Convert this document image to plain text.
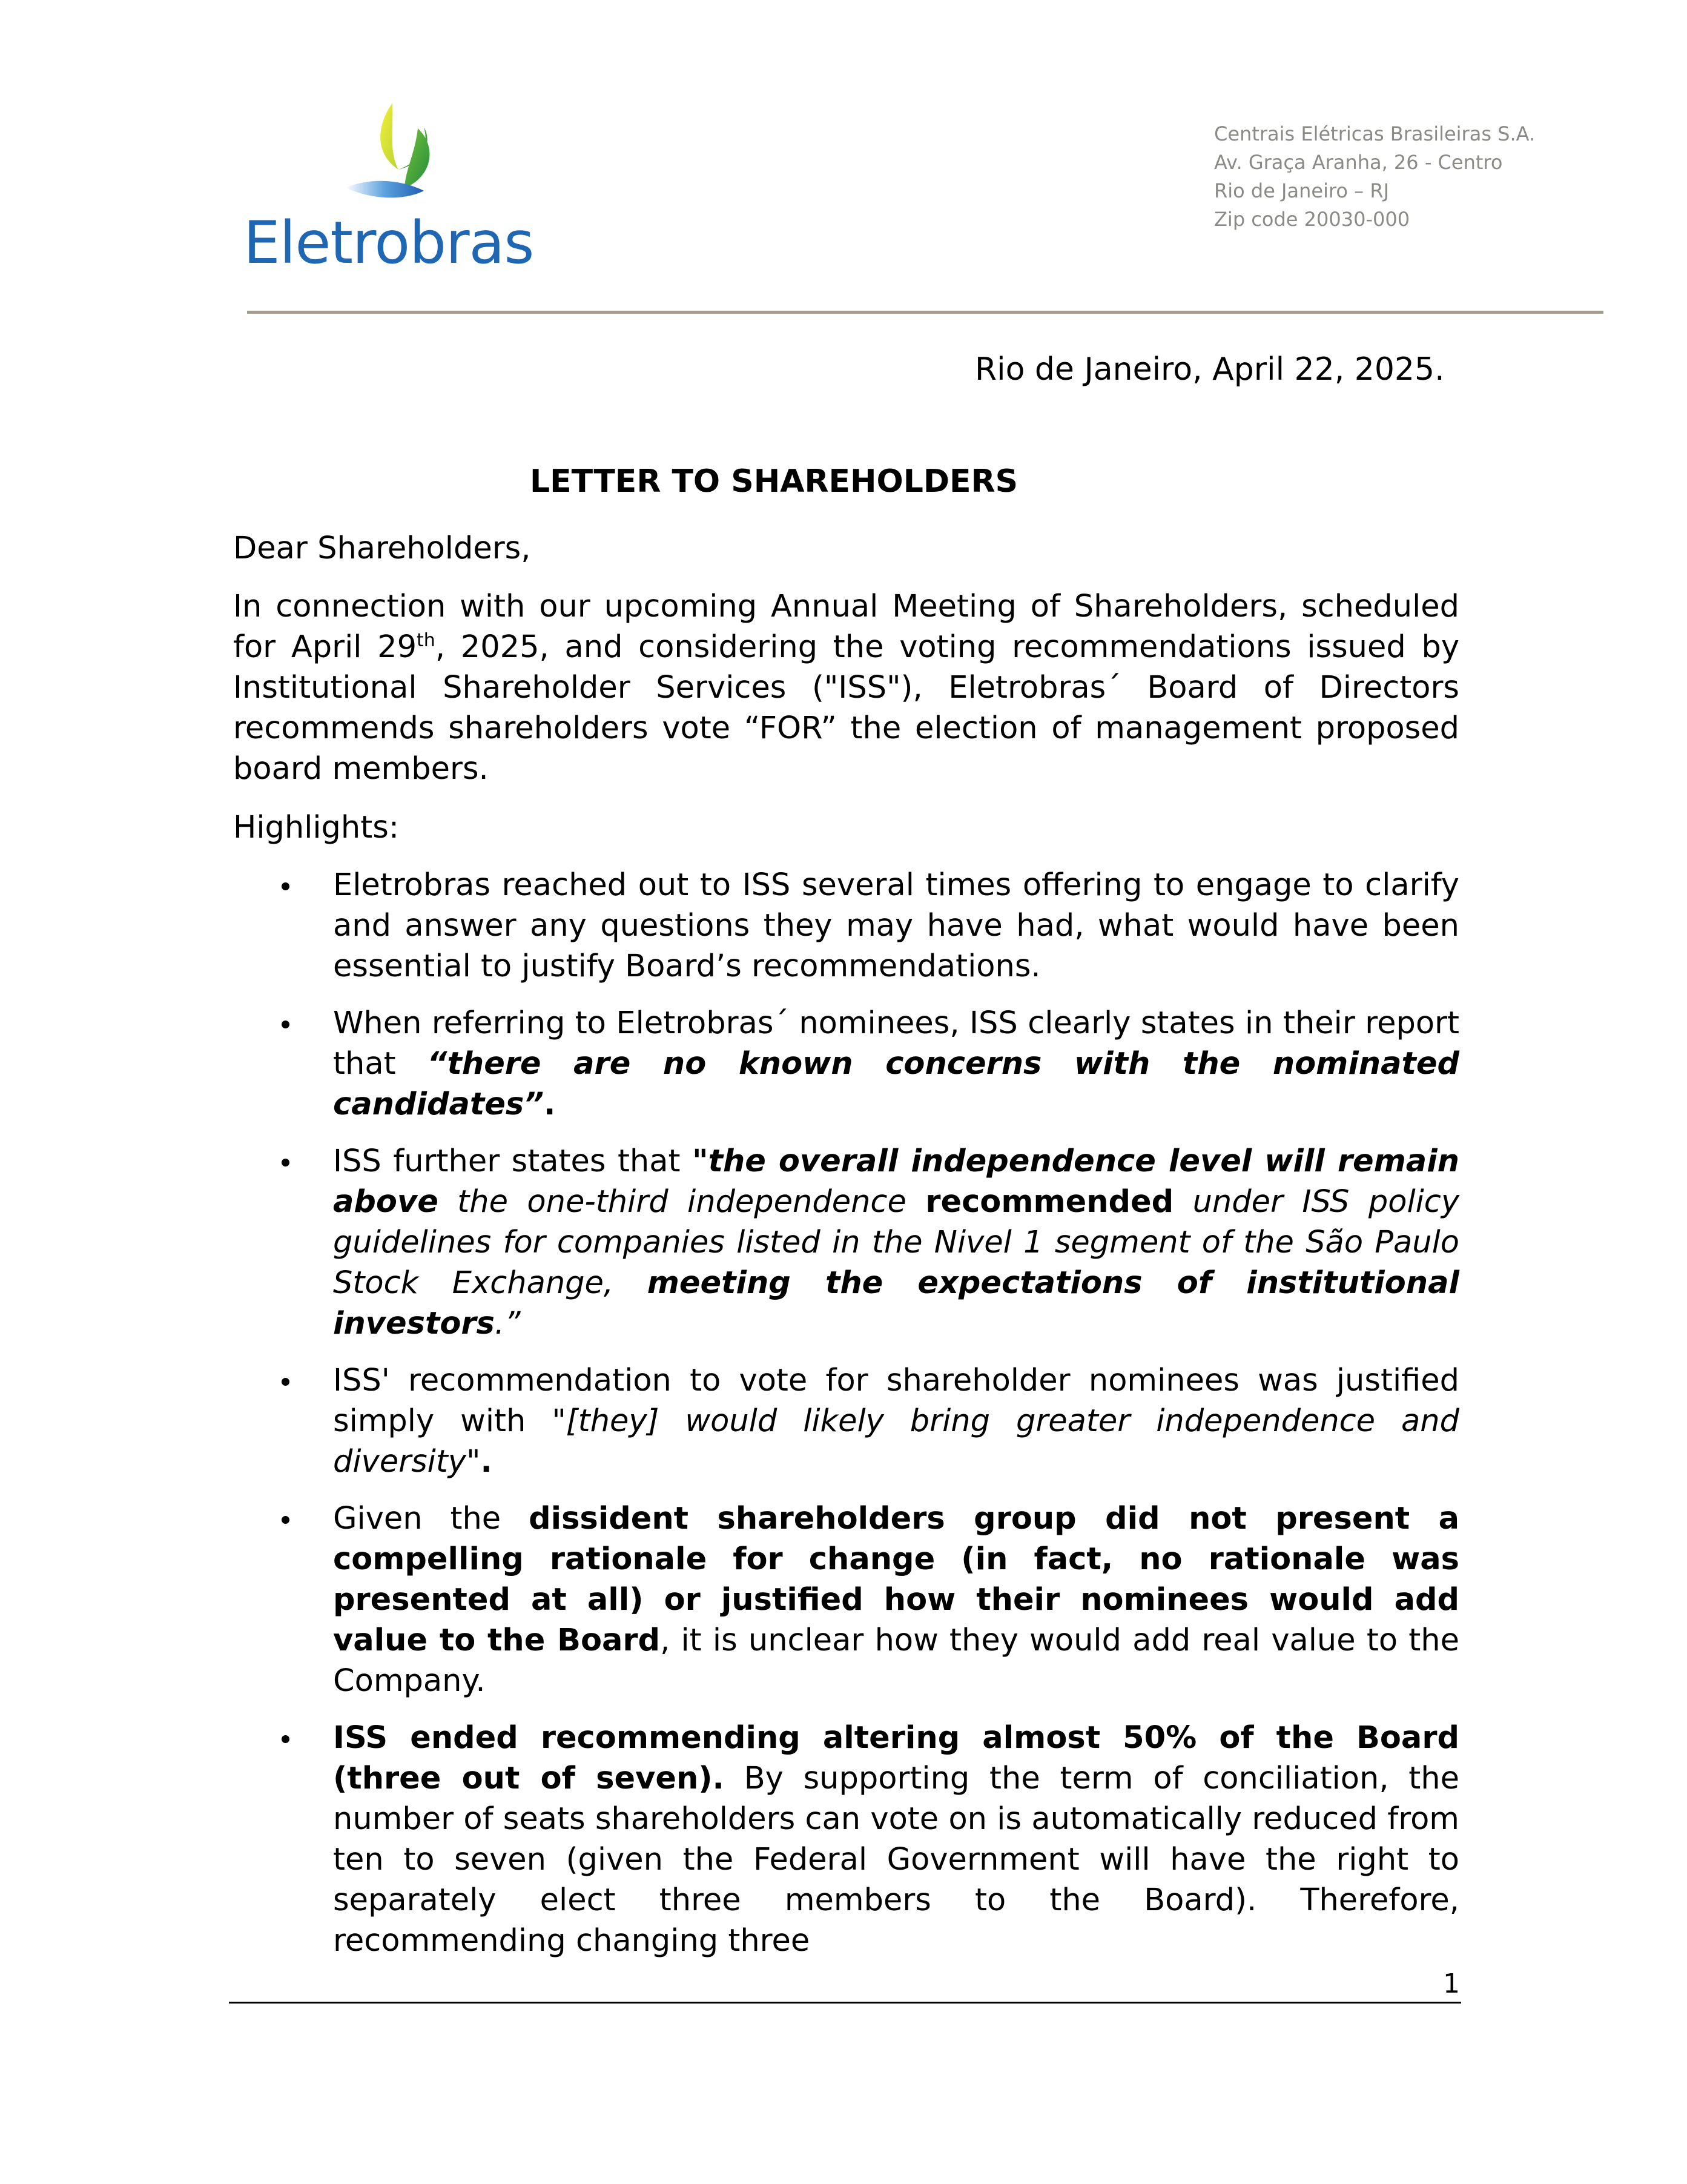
Eletrobras
Centrais Elétricas Brasileiras S.A.
Av. Graça Aranha, 26 - Centro
Rio de Janeiro – RJ
Zip code 20030-000
Rio de Janeiro, April 22, 2025.
LETTER TO SHAREHOLDERS

Dear Shareholders,

In connection with our upcoming Annual Meeting of Shareholders, scheduled for April 29th, 2025, and considering the voting recommendations issued by Institutional Shareholder Services ("ISS"), Eletrobras´ Board of Directors recommends shareholders vote “FOR” the election of management proposed board members.

Highlights:

Eletrobras reached out to ISS several times offering to engage to clarify and answer any questions they may have had, what would have been essential to justify Board’s recommendations.
When referring to Eletrobras´ nominees, ISS clearly states in their report that “there are no known concerns with the nominated candidates”.
ISS further states that "the overall independence level will remain above the one-third independence recommended under ISS policy guidelines for companies listed in the Nivel 1 segment of the São Paulo Stock Exchange, meeting the expectations of institutional investors.”
ISS' recommendation to vote for shareholder nominees was justified simply with "[they] would likely bring greater independence and diversity".
Given the dissident shareholders group did not present a compelling rationale for change (in fact, no rationale was presented at all) or justified how their nominees would add value to the Board, it is unclear how they would add real value to the Company.
ISS ended recommending altering almost 50% of the Board (three out of seven). By supporting the term of conciliation, the number of seats shareholders can vote on is automatically reduced from ten to seven (given the Federal Government will have the right to separately elect three members to the Board). Therefore, recommending changing three
1
